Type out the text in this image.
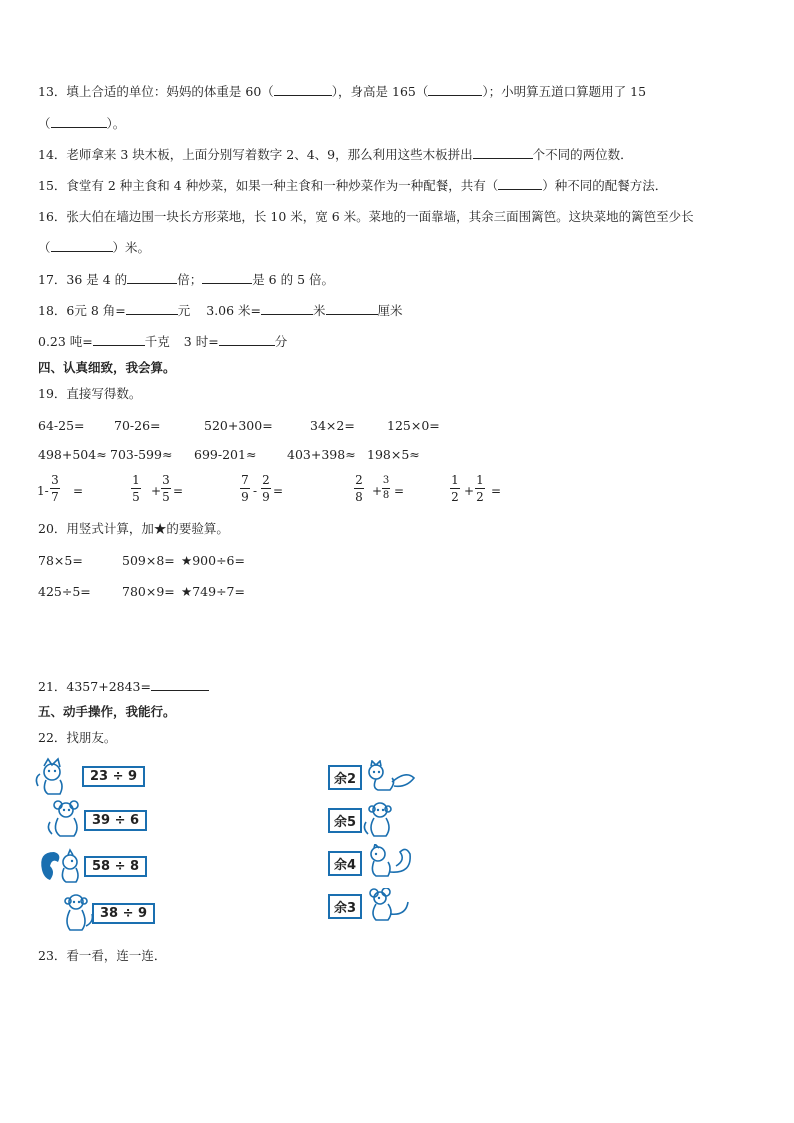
13．填上合适的单位：妈妈的体重是 60（	），身高是 165（	）；小明算五道口算题用了 15
（	）。
14．老师拿来 3 块木板，上面分别写着数字 2、4、9，那么利用这些木板拼出	个不同的两位数．
15．食堂有 2 种主食和 4 种炒菜，如果一种主食和一种炒菜作为一种配餐，共有（	）种不同的配餐方法．
16．张大伯在墙边围一块长方形菜地，长 10 米，宽 6 米。菜地的一面靠墙，其余三面围篱笆。这块菜地的篱笆至少长
（	）米。
17．36 是 4 的	倍；	是 6 的 5 倍。
18．6元 8 角=	元 3.06 米=	米	厘米
0.23 吨=	千克 3 时=	分
四、认真细致，我会算。
19．直接写得数。
64-25= 70-26=	520+300=	34×2=	125×0=
498+504≈ 703-599≈ 699-201≈ 403+398≈ 198×5≈
1-
3
7 =
1
5 +
3
5 =
7
9 -
2
9 =
2
8 +
3
8 =
1
2 +
1
2 =
20．用竖式计算，加★的要验算。
78×5=	509×8= ★900÷6=
425÷5= 780×9= ★749÷7=
21．4357+2843=
五、动手操作，我能行。
22．找朋友。
23 ÷ 9
39 ÷ 6
58 ÷ 8
38 ÷ 9
余2
余5
余4
余3
23．看一看，连一连．
